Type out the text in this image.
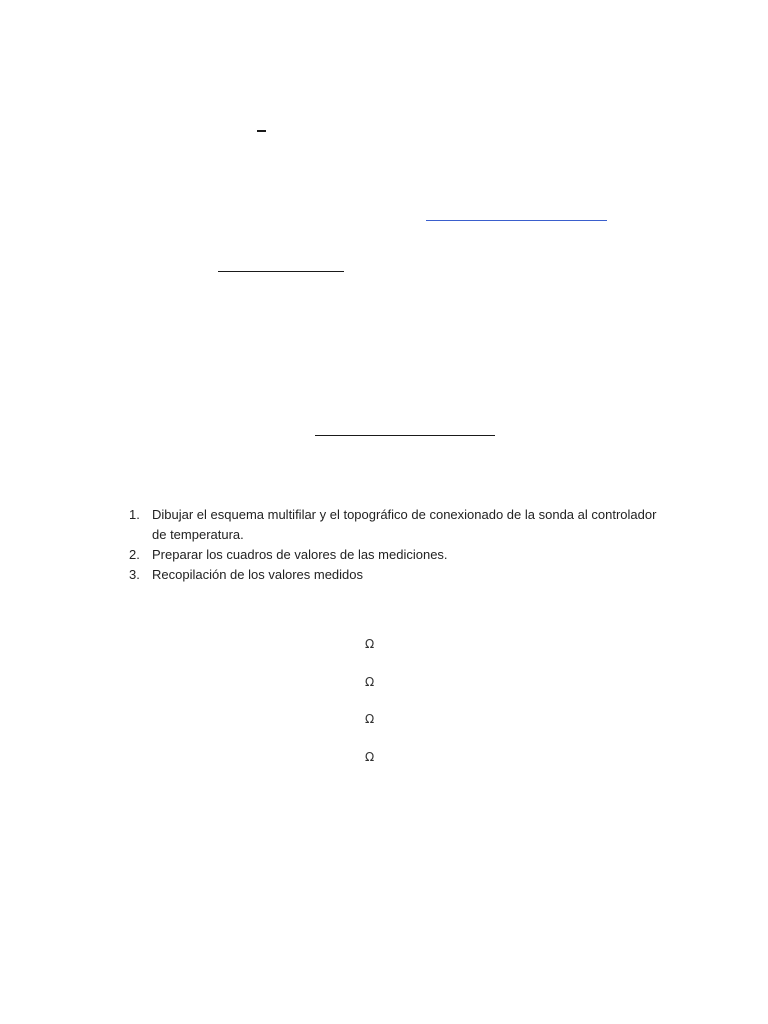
1. Dibujar el esquema multifilar y el topográfico de conexionado de la sonda al controlador de temperatura.
2. Preparar los cuadros de valores de las mediciones.
3. Recopilación de los valores medidos
Ω
Ω
Ω
Ω
